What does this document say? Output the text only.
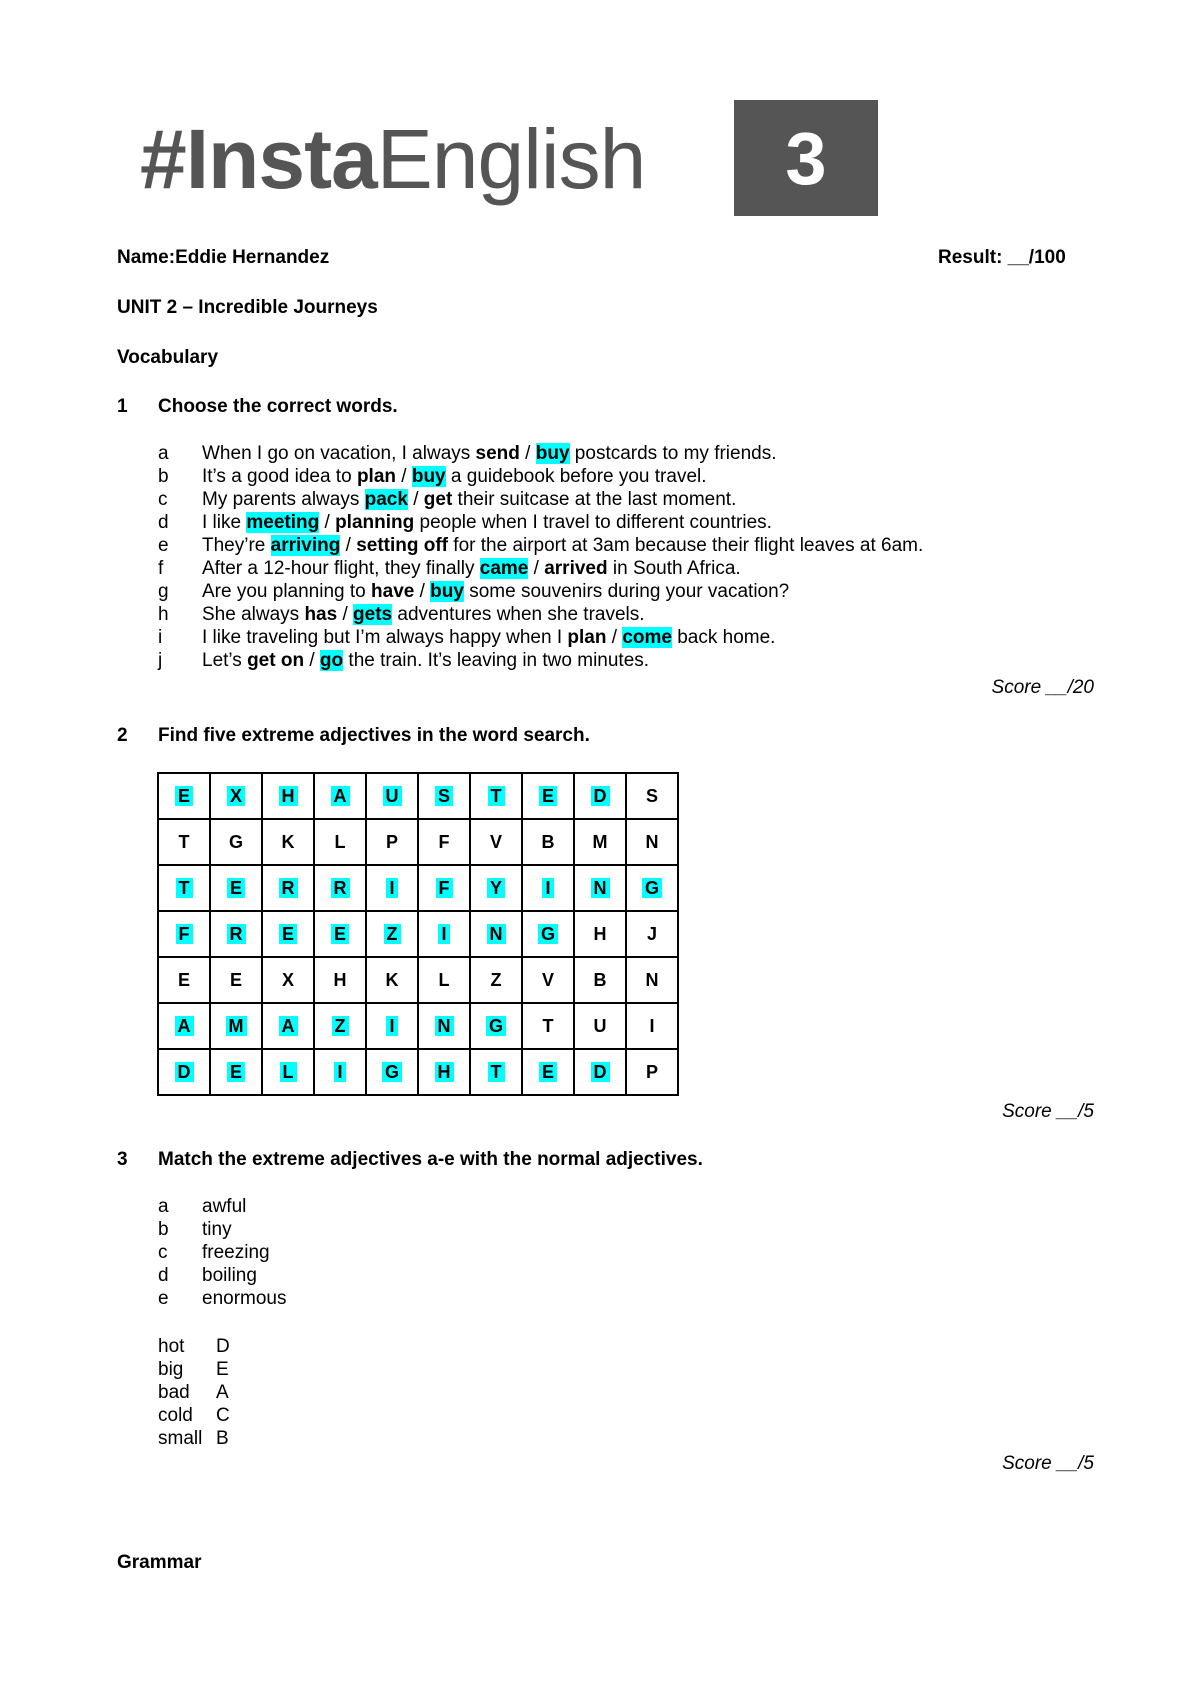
#Insta English	3
Name:Eddie Hernandez	Result: __/100
UNIT 2 – Incredible Journeys
Vocabulary
1 Choose the correct words.
a When I go on vacation, I always send / buy postcards to my friends.
b It’s a good idea to plan / buy a guidebook before you travel.
c My parents always pack / get their suitcase at the last moment.
d I like meeting / planning people when I travel to different countries.
e They’re arriving / setting off for the airport at 3am because their flight leaves at 6am.
f After a 12-hour flight, they finally came / arrived in South Africa.
g Are you planning to have / buy some souvenirs during your vacation?
h She always has / gets adventures when she travels.
i I like traveling but I’m always happy when I plan / come back home.
j Let’s get on / go the train. It’s leaving in two minutes.
Score __/20
2 Find five extreme adjectives in the word search.
E	X	H	A	U	S	T	E	D	S
T	G	K	L	P	F	V	B	M	N
T	E	R	R	I	F	Y	I	N	G
F	R	E	E	Z	I	N	G	H	J
E	E	X	H	K	L	Z	V	B	N
A	M	A	Z	I	N	G	T	U	I
D	E	L	I	G	H	T	E	D	P
Score __/5
3 Match the extreme adjectives a-e with the normal adjectives.
a awful
b tiny
c freezing
d boiling
e enormous
hot D
big E
bad A
cold C
small B
Score __/5
Grammar
